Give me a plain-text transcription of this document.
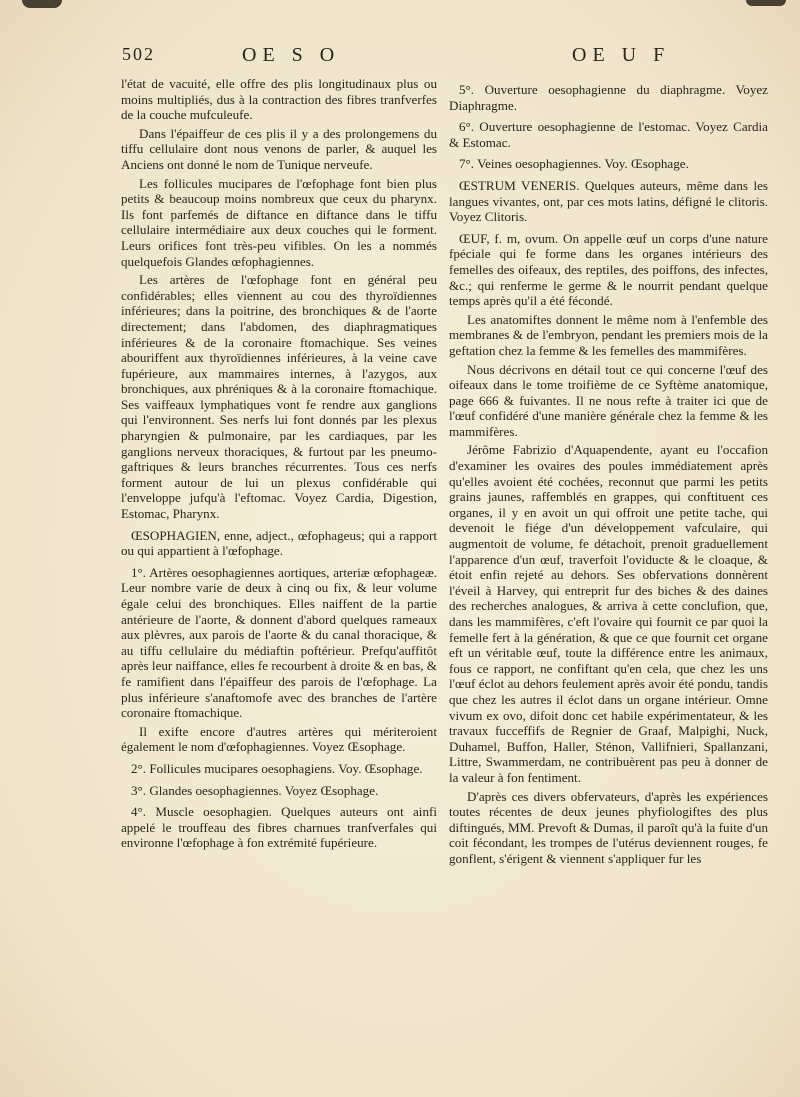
502	OE S O	OE U F

l'état de vacuité, elle offre des plis longitudinaux plus ou moins multipliés, dus à la contraction des fibres tranfverfes de la couche mufculeufe.

Dans l'épaiffeur de ces plis il y a des prolongemens du tiffu cellulaire dont nous venons de parler, & auquel les Anciens ont donné le nom de Tunique nerveufe.

Les follicules mucipares de l'œfophage font bien plus petits & beaucoup moins nombreux que ceux du pharynx. Ils font parfemés de diftance en diftance dans le tiffu cellulaire intermédiaire aux deux couches qui le forment. Leurs orifices font très-peu vifibles. On les a nommés quelquefois Glandes œfophagiennes.

Les artères de l'œfophage font en général peu confidérables; elles viennent au cou des thyroïdiennes inférieures; dans la poitrine, des bronchiques & de l'aorte directement; dans l'abdomen, des diaphragmatiques inférieures & de la coronaire ftomachique. Ses veines abouriffent aux thyroïdiennes inférieures, à la veine cave fupérieure, aux mammaires internes, à l'azygos, aux bronchiques, aux phréniques & à la coronaire ftomachique. Ses vaiffeaux lymphatiques vont fe rendre aux ganglions qui l'environnent. Ses nerfs lui font donnés par les plexus pharyngien & pulmonaire, par les cardiaques, par les ganglions nerveux thoraciques, & furtout par les pneumo-gaftriques & leurs branches récurrentes. Tous ces nerfs forment autour de lui un plexus confidérable qui l'enveloppe jufqu'à l'eftomac. Voyez Cardia, Digestion, Estomac, Pharynx.

ŒSOPHAGIEN, enne, adject., œfophageus; qui a rapport ou qui appartient à l'œfophage.

1°. Artères oesophagiennes aortiques, arteriæ œfophageæ. Leur nombre varie de deux à cinq ou fix, & leur volume égale celui des bronchiques. Elles naiffent de la partie antérieure de l'aorte, & donnent d'abord quelques rameaux aux plèvres, aux parois de l'aorte & du canal thoracique, & au tiffu cellulaire du médiaftin poftérieur. Prefqu'auffitôt après leur naiffance, elles fe recourbent à droite & en bas, & fe ramifient dans l'épaiffeur des parois de l'œfophage. La plus inférieure s'anaftomofe avec des branches de l'artère coronaire ftomachique.

Il exifte encore d'autres artères qui mériteroient également le nom d'œfophagiennes. Voyez Œsophage.

2°. Follicules mucipares oesophagiens. Voy. Œsophage.

3°. Glandes oesophagiennes. Voyez Œsophage.

4°. Muscle oesophagien. Quelques auteurs ont ainfi appelé le trouffeau des fibres charnues tranfverfales qui environne l'œfophage à fon extrémité fupérieure.

5°. Ouverture oesophagienne du diaphragme. Voyez Diaphragme.

6°. Ouverture oesophagienne de l'estomac. Voyez Cardia & Estomac.

7°. Veines oesophagiennes. Voy. Œsophage.

ŒSTRUM VENERIS. Quelques auteurs, même dans les langues vivantes, ont, par ces mots latins, défigné le clitoris. Voyez Clitoris.

ŒUF, f. m, ovum. On appelle œuf un corps d'une nature fpéciale qui fe forme dans les organes intérieurs des femelles des oifeaux, des reptiles, des poiffons, des infectes, &c.; qui renferme le germe & le nourrit pendant quelque temps après qu'il a été fécondé.

Les anatomiftes donnent le même nom à l'enfemble des membranes & de l'embryon, pendant les premiers mois de la geftation chez la femme & les femelles des mammifères.

Nous décrivons en détail tout ce qui concerne l'œuf des oifeaux dans le tome troifième de ce Syftème anatomique, page 666 & fuivantes. Il ne nous refte à traiter ici que de l'œuf confidéré d'une manière générale chez la femme & les mammifères.

Jérôme Fabrizio d'Aquapendente, ayant eu l'occafion d'examiner les ovaires des poules immédiatement après qu'elles avoient été cochées, reconnut que parmi les petits grains jaunes, raffemblés en grappes, qui conftituent ces organes, il y en avoit un qui offroit une petite tache, qui devenoit le fiége d'un développement vafculaire, qui augmentoit de volume, fe détachoit, prenoit graduellement l'apparence d'un œuf, traverfoit l'oviducte & le cloaque, & étoit enfin rejeté au dehors. Ses obfervations donnèrent l'éveil à Harvey, qui entreprit fur des biches & des daines des recherches analogues, & arriva à cette conclufion, que, dans les mammifères, c'eft l'ovaire qui fournit ce par quoi la femelle fert à la génération, & que ce que fournit cet organe eft un véritable œuf, toute la différence entre les animaux, fous ce rapport, ne confiftant qu'en cela, que chez les uns l'œuf éclot au dehors feulement après avoir été pondu, tandis que chez les autres il éclot dans un organe intérieur. Omne vivum ex ovo, difoit donc cet habile expérimentateur, & les travaux fucceffifs de Regnier de Graaf, Malpighi, Nuck, Duhamel, Buffon, Haller, Sténon, Vallifnieri, Spallanzani, Littre, Swammerdam, ne contribuèrent pas peu à donner de la valeur à fon fentiment.

D'après ces divers obfervateurs, d'après les expériences toutes récentes de deux jeunes phyfiologiftes des plus diftingués, MM. Prevoft & Dumas, il paroît qu'à la fuite d'un coit fécondant, les trompes de l'utérus deviennent rouges, fe gonflent, s'érigent & viennent s'appliquer fur les
